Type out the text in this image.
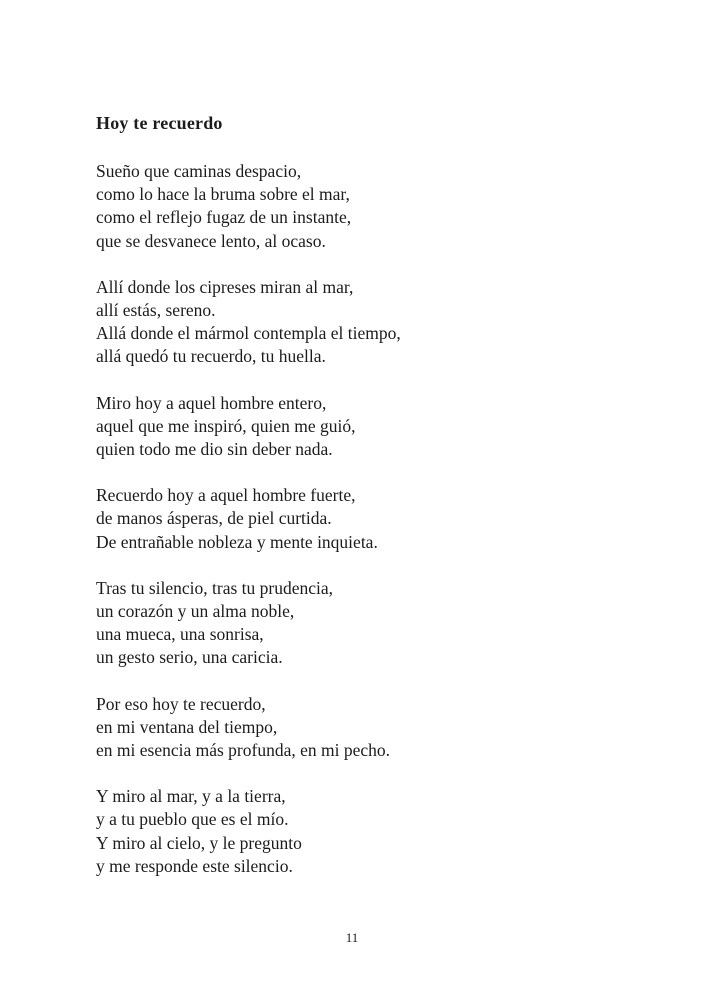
Hoy te recuerdo
Sueño que caminas despacio,
como lo hace la bruma sobre el mar,
como el reflejo fugaz de un instante,
que se desvanece lento, al ocaso.
Allí donde los cipreses miran al mar,
allí estás, sereno.
Allá donde el mármol contempla el tiempo,
allá quedó tu recuerdo, tu huella.
Miro hoy a aquel hombre entero,
aquel que me inspiró, quien me guió,
quien todo me dio sin deber nada.
Recuerdo hoy a aquel hombre fuerte,
de manos ásperas, de piel curtida.
De entrañable nobleza y mente inquieta.
Tras tu silencio, tras tu prudencia,
un corazón y un alma noble,
una mueca, una sonrisa,
un gesto serio, una caricia.
Por eso hoy te recuerdo,
en mi ventana del tiempo,
en mi esencia más profunda, en mi pecho.
Y miro al mar, y a la tierra,
y a tu pueblo que es el mío.
Y miro al cielo, y le pregunto
y me responde este silencio.
11
